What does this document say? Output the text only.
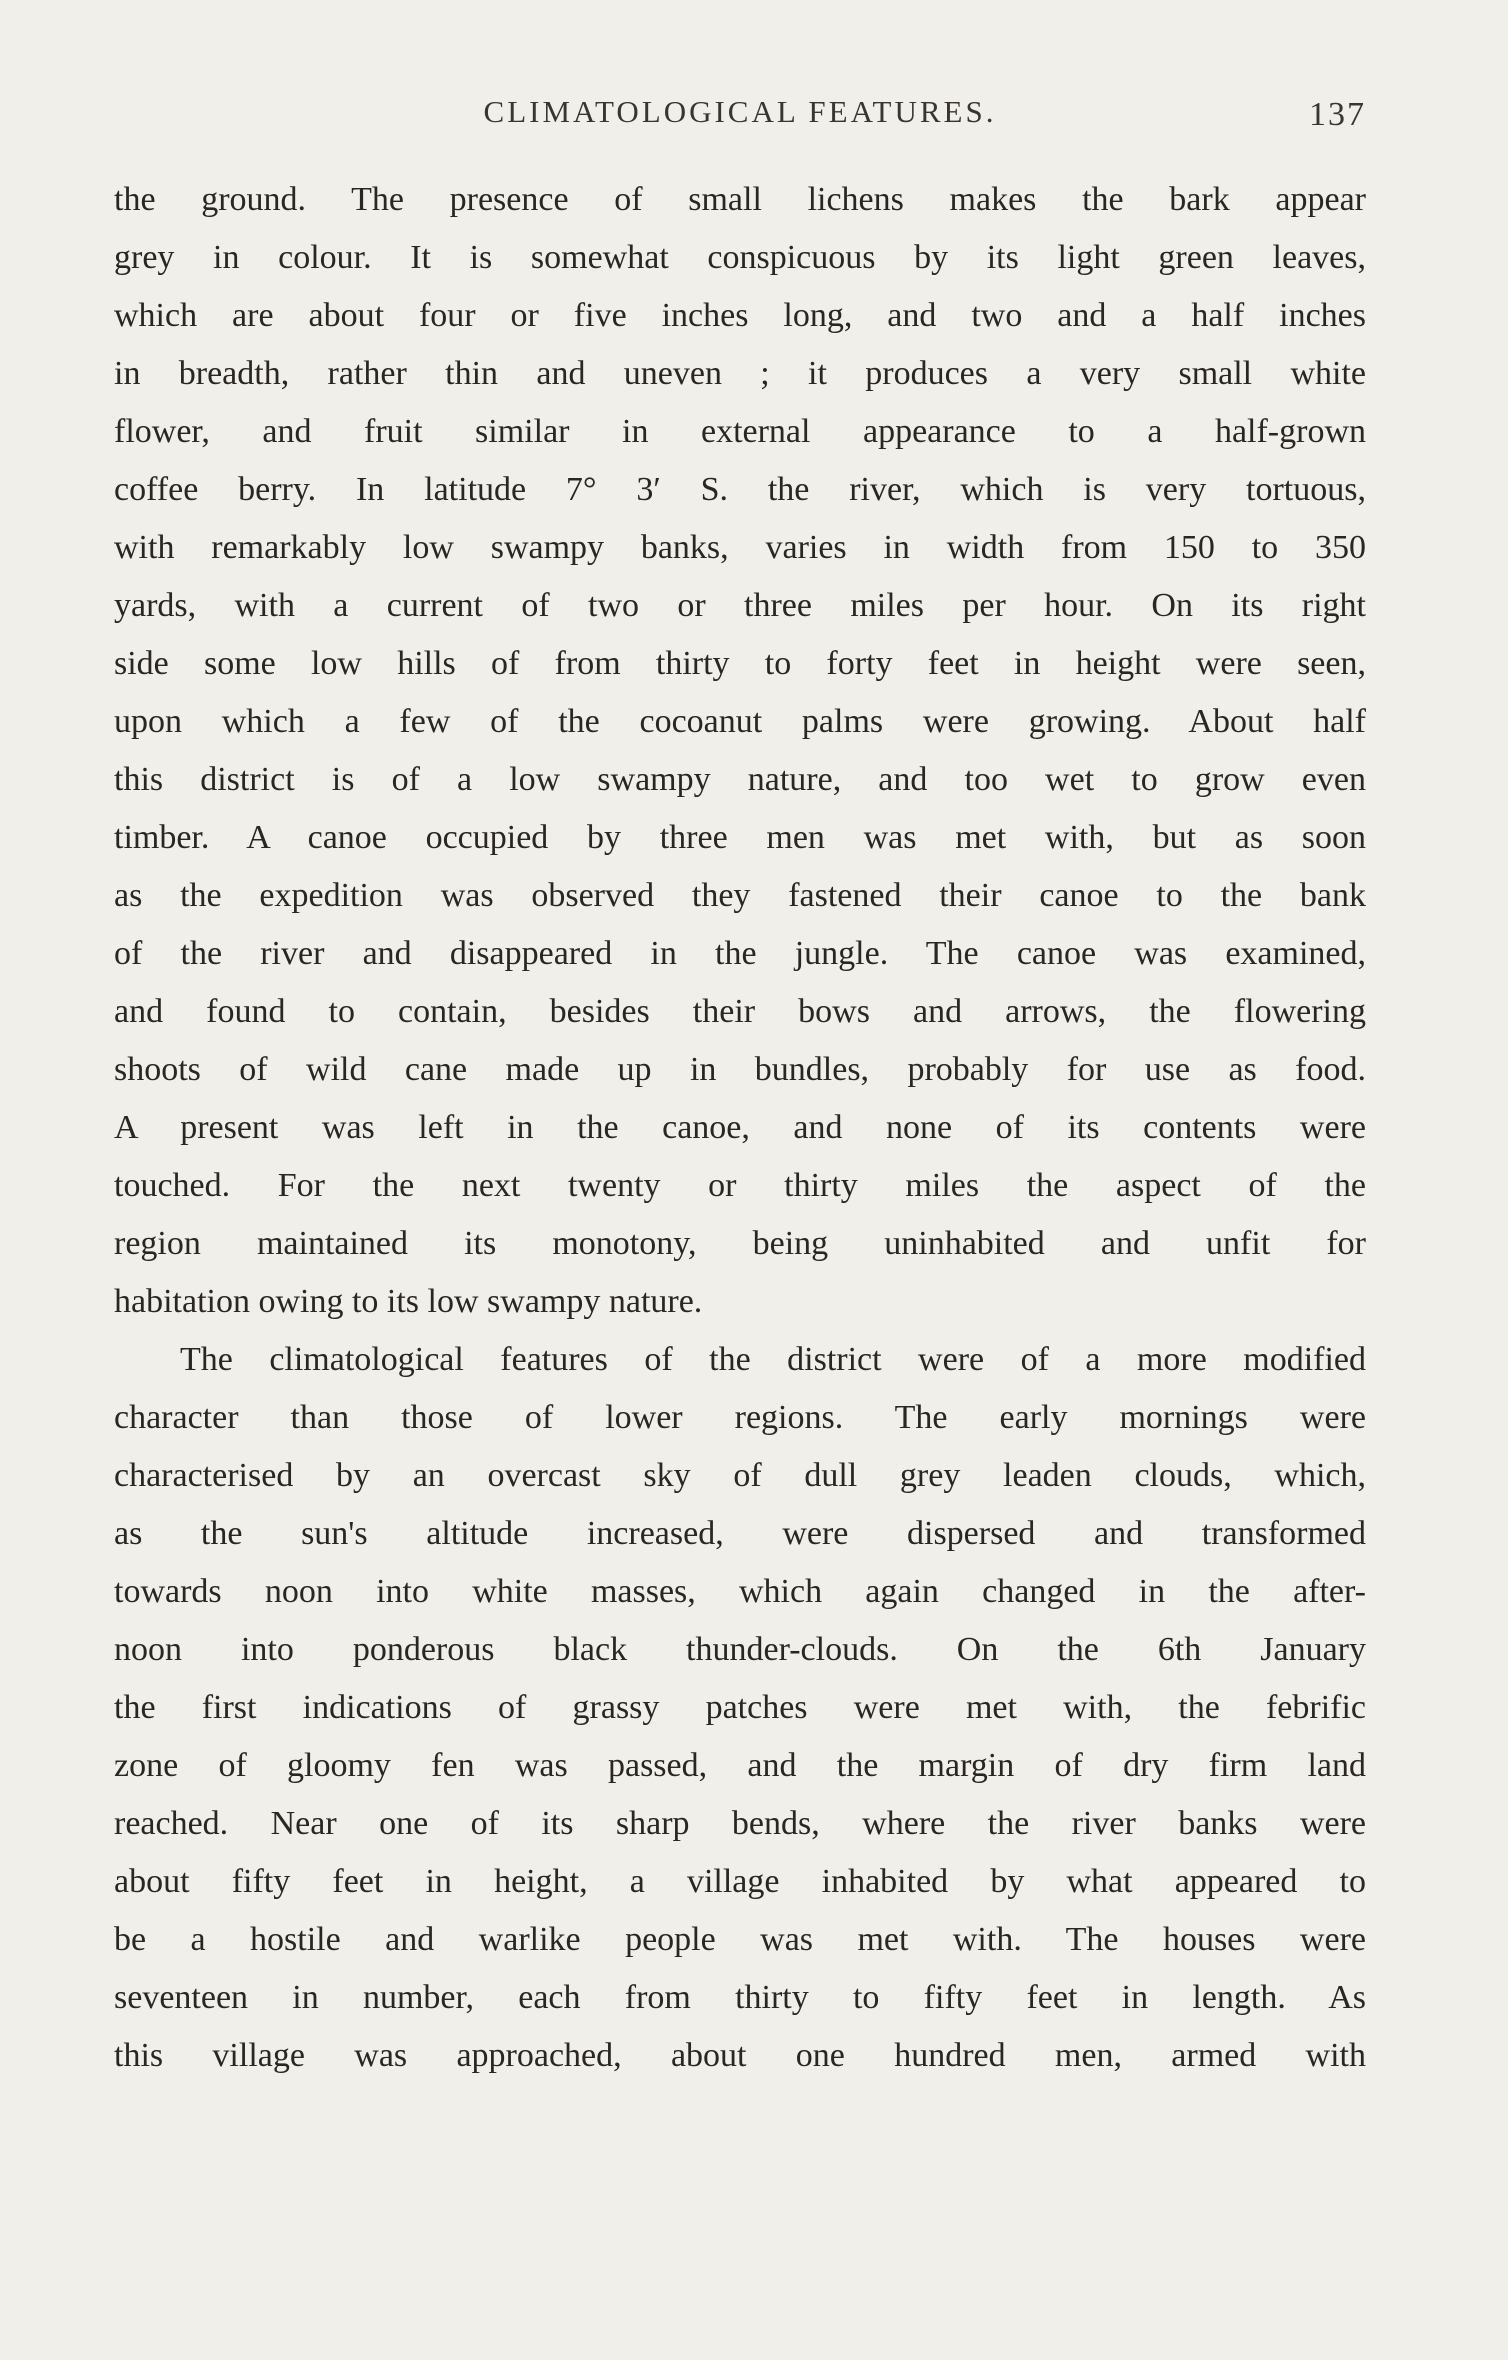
CLIMATOLOGICAL FEATURES.	137
the ground. The presence of small lichens makes the bark appear
grey in colour. It is somewhat conspicuous by its light green leaves,
which are about four or five inches long, and two and a half inches
in breadth, rather thin and uneven ; it produces a very small white
flower, and fruit similar in external appearance to a half-grown
coffee berry. In latitude 7° 3′ S. the river, which is very tortuous,
with remarkably low swampy banks, varies in width from 150 to 350
yards, with a current of two or three miles per hour. On its right
side some low hills of from thirty to forty feet in height were seen,
upon which a few of the cocoanut palms were growing. About half
this district is of a low swampy nature, and too wet to grow even
timber. A canoe occupied by three men was met with, but as soon
as the expedition was observed they fastened their canoe to the bank
of the river and disappeared in the jungle. The canoe was examined,
and found to contain, besides their bows and arrows, the flowering
shoots of wild cane made up in bundles, probably for use as food.
A present was left in the canoe, and none of its contents were
touched. For the next twenty or thirty miles the aspect of the
region maintained its monotony, being uninhabited and unfit for
habitation owing to its low swampy nature.
The climatological features of the district were of a more modified
character than those of lower regions. The early mornings were
characterised by an overcast sky of dull grey leaden clouds, which,
as the sun's altitude increased, were dispersed and transformed
towards noon into white masses, which again changed in the after-
noon into ponderous black thunder-clouds. On the 6th January
the first indications of grassy patches were met with, the febrific
zone of gloomy fen was passed, and the margin of dry firm land
reached. Near one of its sharp bends, where the river banks were
about fifty feet in height, a village inhabited by what appeared to
be a hostile and warlike people was met with. The houses were
seventeen in number, each from thirty to fifty feet in length. As
this village was approached, about one hundred men, armed with
